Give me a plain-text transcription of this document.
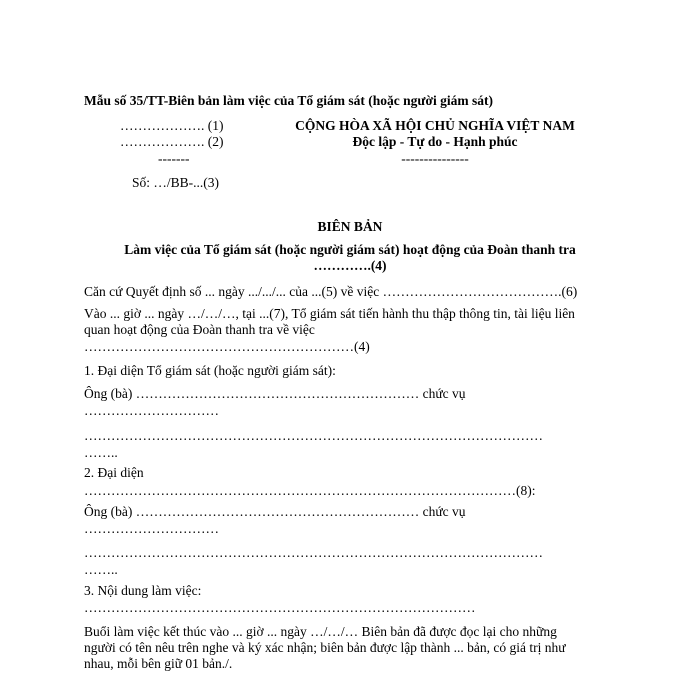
Mẫu số 35/TT-Biên bản làm việc của Tổ giám sát (hoặc người giám sát)
………………. (1)
………………. (2)
-------
Số: …/BB-...(3)
CỘNG HÒA XÃ HỘI CHỦ NGHĨA VIỆT NAM
Độc lập - Tự do - Hạnh phúc
---------------
BIÊN BẢN
Làm việc của Tổ giám sát (hoặc người giám sát) hoạt động của Đoàn thanh tra
………….(4)
Căn cứ Quyết định số ... ngày .../.../... của ...(5) về việc ………………………………….(6)
Vào ... giờ ... ngày …/…/…, tại ...(7), Tổ giám sát tiến hành thu thập thông tin, tài liệu liên
quan hoạt động của Đoàn thanh tra về việc
……………………………………………………(4)
1. Đại diện Tổ giám sát (hoặc người giám sát):
Ông (bà) ……………………………………………………… chức vụ
…………………………
…………………………………………………………………………………………
……..
2. Đại diện
……………………………………………………………………………………(8):
Ông (bà) ……………………………………………………… chức vụ
…………………………
…………………………………………………………………………………………
……..
3. Nội dung làm việc:
……………………………………………………………………………
Buổi làm việc kết thúc vào ... giờ ... ngày …/…/… Biên bản đã được đọc lại cho những
người có tên nêu trên nghe và ký xác nhận; biên bản được lập thành ... bản, có giá trị như
nhau, mỗi bên giữ 01 bản./.
